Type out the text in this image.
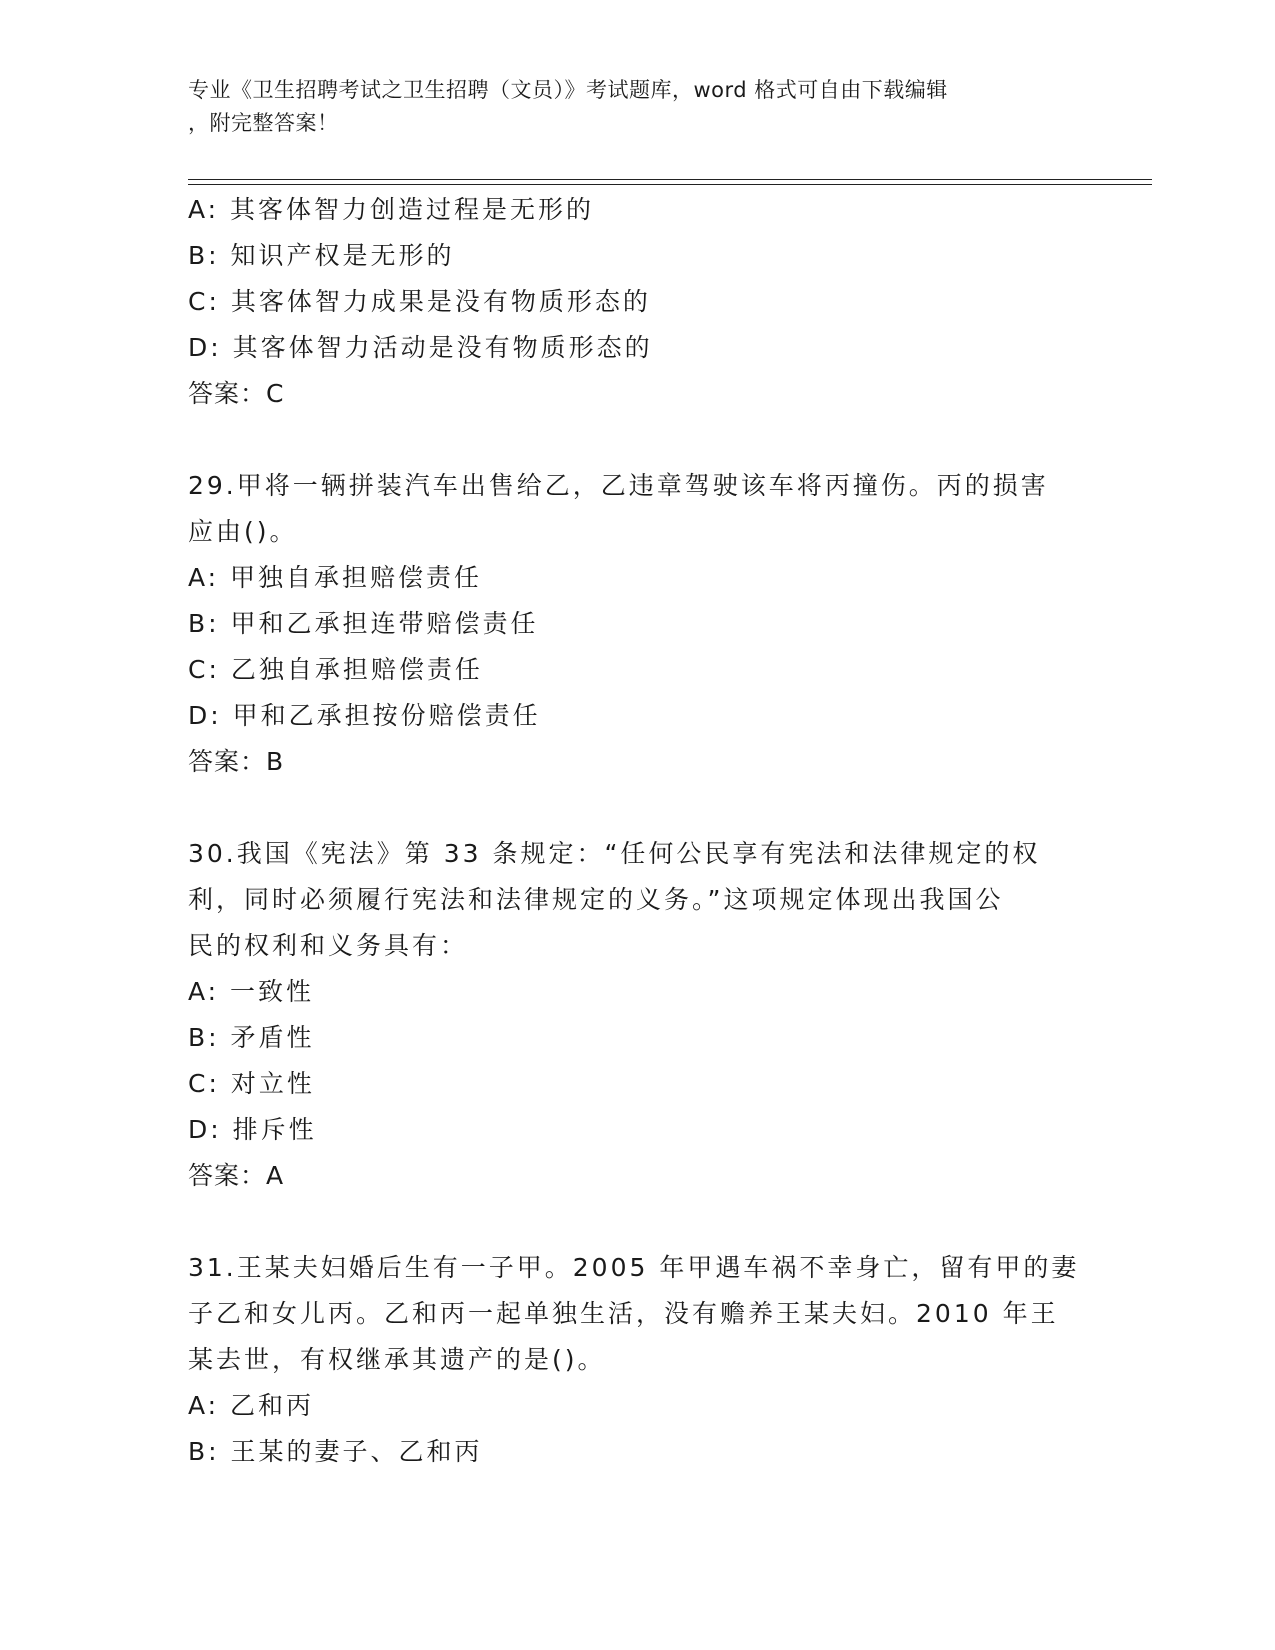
专业《卫生招聘考试之卫生招聘（文员）》考试题库，word 格式可自由下载编辑
，附完整答案！
A: 其客体智力创造过程是无形的
B: 知识产权是无形的
C: 其客体智力成果是没有物质形态的
D: 其客体智力活动是没有物质形态的
答案：C
29.甲将一辆拼装汽车出售给乙，乙违章驾驶该车将丙撞伤。丙的损害
应由()。
A: 甲独自承担赔偿责任
B: 甲和乙承担连带赔偿责任
C: 乙独自承担赔偿责任
D: 甲和乙承担按份赔偿责任
答案：B
30.我国《宪法》第 33 条规定：“任何公民享有宪法和法律规定的权
利，同时必须履行宪法和法律规定的义务。”这项规定体现出我国公
民的权利和义务具有：
A: 一致性
B: 矛盾性
C: 对立性
D: 排斥性
答案：A
31.王某夫妇婚后生有一子甲。2005 年甲遇车祸不幸身亡，留有甲的妻
子乙和女儿丙。乙和丙一起单独生活，没有赡养王某夫妇。2010 年王
某去世，有权继承其遗产的是()。
A: 乙和丙
B: 王某的妻子、乙和丙
